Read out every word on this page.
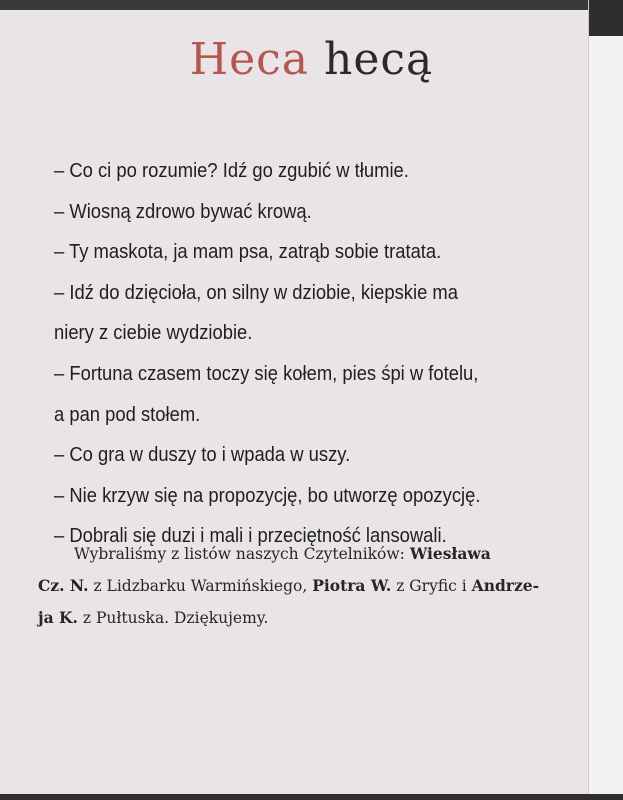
Heca hecą
– Co ci po rozumie? Idź go zgubić w tłumie.
– Wiosną zdrowo bywać krową.
– Ty maskota, ja mam psa, zatrąb sobie tratata.
– Idź do dzięcioła, on silny w dziobie, kiepskie ma
niery z ciebie wydziobie.
– Fortuna czasem toczy się kołem, pies śpi w fotelu,
a pan pod stołem.
– Co gra w duszy to i wpada w uszy.
– Nie krzyw się na propozycję, bo utworzę opozycję.
– Dobrali się duzi i mali i przeciętność lansowali.
Wybraliśmy z listów naszych Czytelników: Wiesława
Cz. N. z Lidzbarku Warmińskiego, Piotra W. z Gryfic i Andrze-
ja K. z Pułtuska. Dziękujemy.
